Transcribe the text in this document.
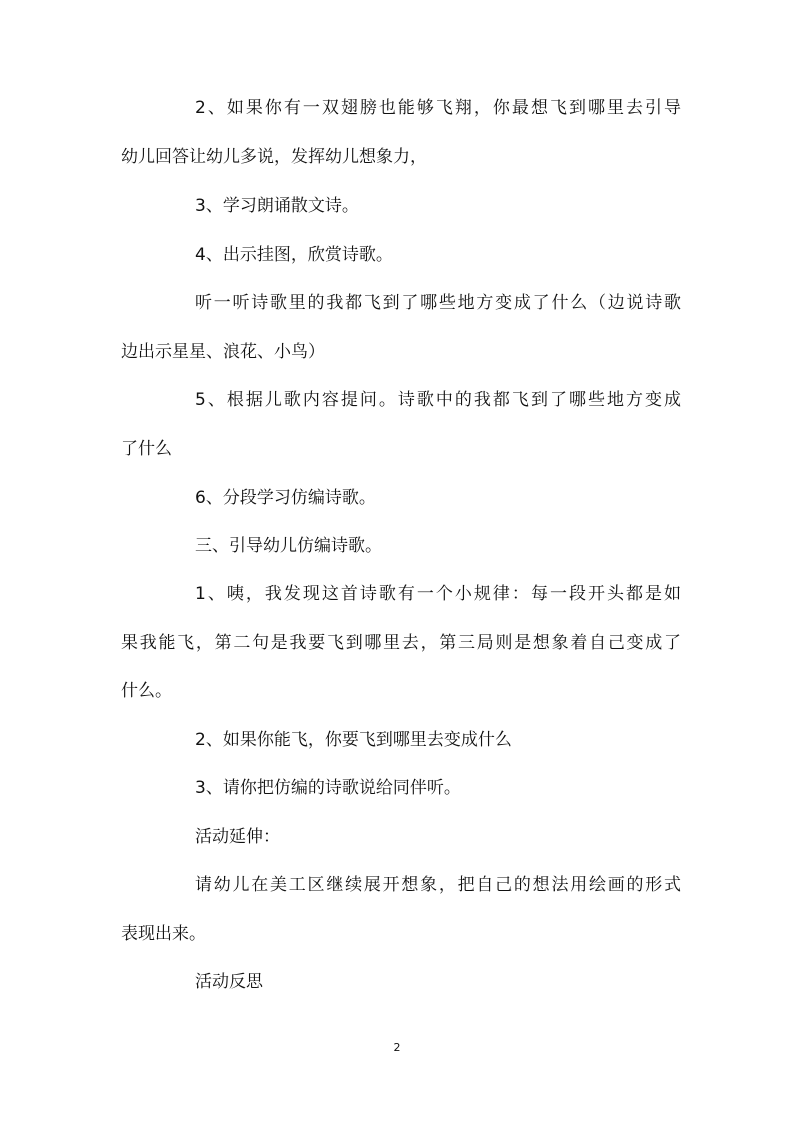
2、如果你有一双翅膀也能够飞翔，你最想飞到哪里去引导
幼儿回答让幼儿多说，发挥幼儿想象力，
3、学习朗诵散文诗。
4、出示挂图，欣赏诗歌。
听一听诗歌里的我都飞到了哪些地方变成了什么（边说诗歌
边出示星星、浪花、小鸟）
5、根据儿歌内容提问。诗歌中的我都飞到了哪些地方变成
了什么
6、分段学习仿编诗歌。
三、引导幼儿仿编诗歌。
1、咦，我发现这首诗歌有一个小规律：每一段开头都是如
果我能飞，第二句是我要飞到哪里去，第三局则是想象着自己变成了
什么。
2、如果你能飞，你要飞到哪里去变成什么
3、请你把仿编的诗歌说给同伴听。
活动延伸：
请幼儿在美工区继续展开想象，把自己的想法用绘画的形式
表现出来。
活动反思
2
